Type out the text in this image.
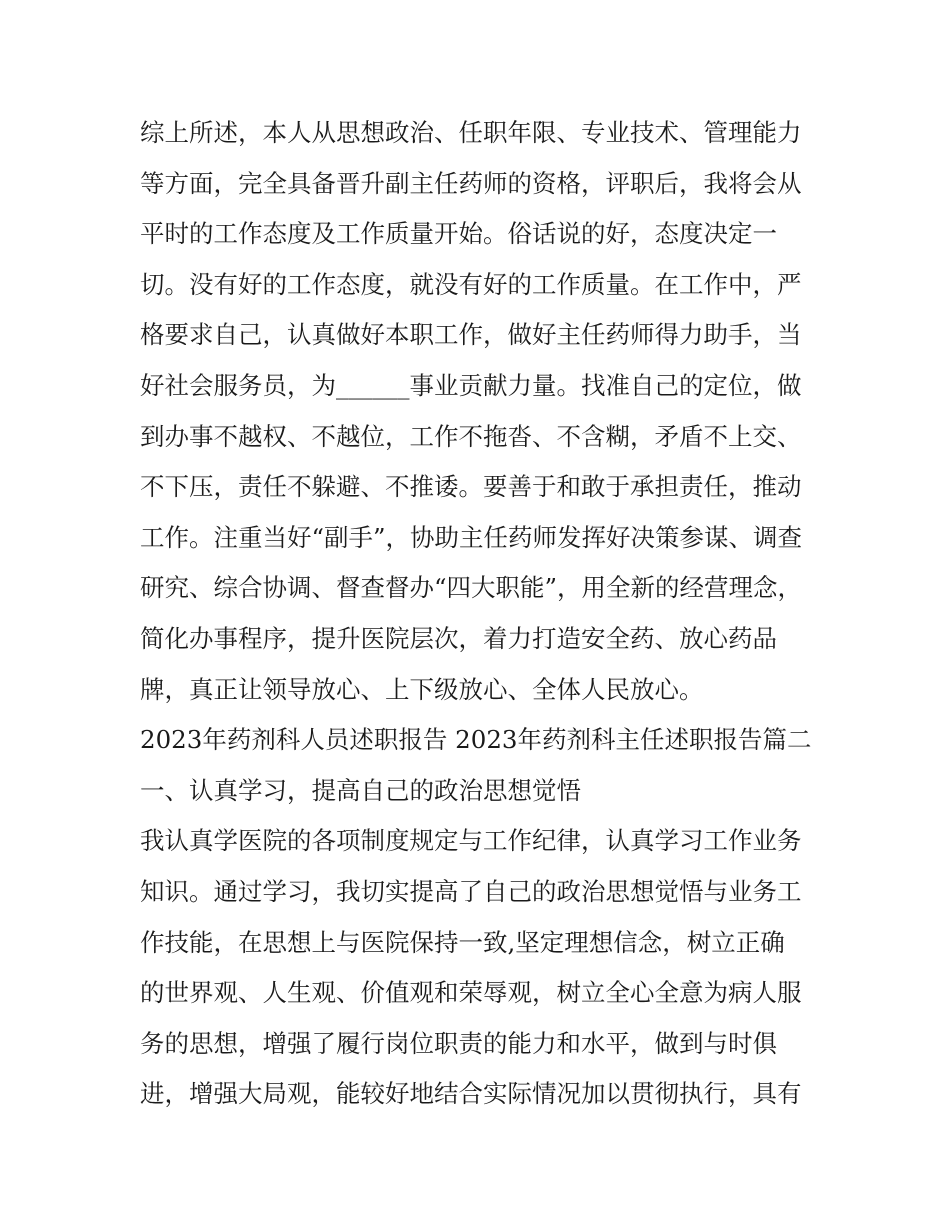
综上所述，本人从思想政治、任职年限、专业技术、管理能力
等方面，完全具备晋升副主任药师的资格，评职后，我将会从
平时的工作态度及工作质量开始。俗话说的好，态度决定一
切。没有好的工作态度，就没有好的工作质量。在工作中，严
格要求自己，认真做好本职工作，做好主任药师得力助手，当
好社会服务员，为______事业贡献力量。找准自己的定位，做
到办事不越权、不越位，工作不拖沓、不含糊，矛盾不上交、
不下压，责任不躲避、不推诿。要善于和敢于承担责任，推动
工作。注重当好“副手”，协助主任药师发挥好决策参谋、调查
研究、综合协调、督查督办“四大职能”，用全新的经营理念，
简化办事程序，提升医院层次，着力打造安全药、放心药品
牌，真正让领导放心、上下级放心、全体人民放心。
2023年药剂科人员述职报告 2023年药剂科主任述职报告篇二
一、认真学习，提高自己的政治思想觉悟
我认真学医院的各项制度规定与工作纪律，认真学习工作业务
知识。通过学习，我切实提高了自己的政治思想觉悟与业务工
作技能，在思想上与医院保持一致,坚定理想信念，树立正确
的世界观、人生观、价值观和荣辱观，树立全心全意为病人服
务的思想，增强了履行岗位职责的能力和水平，做到与时俱
进，增强大局观，能较好地结合实际情况加以贯彻执行，具有
